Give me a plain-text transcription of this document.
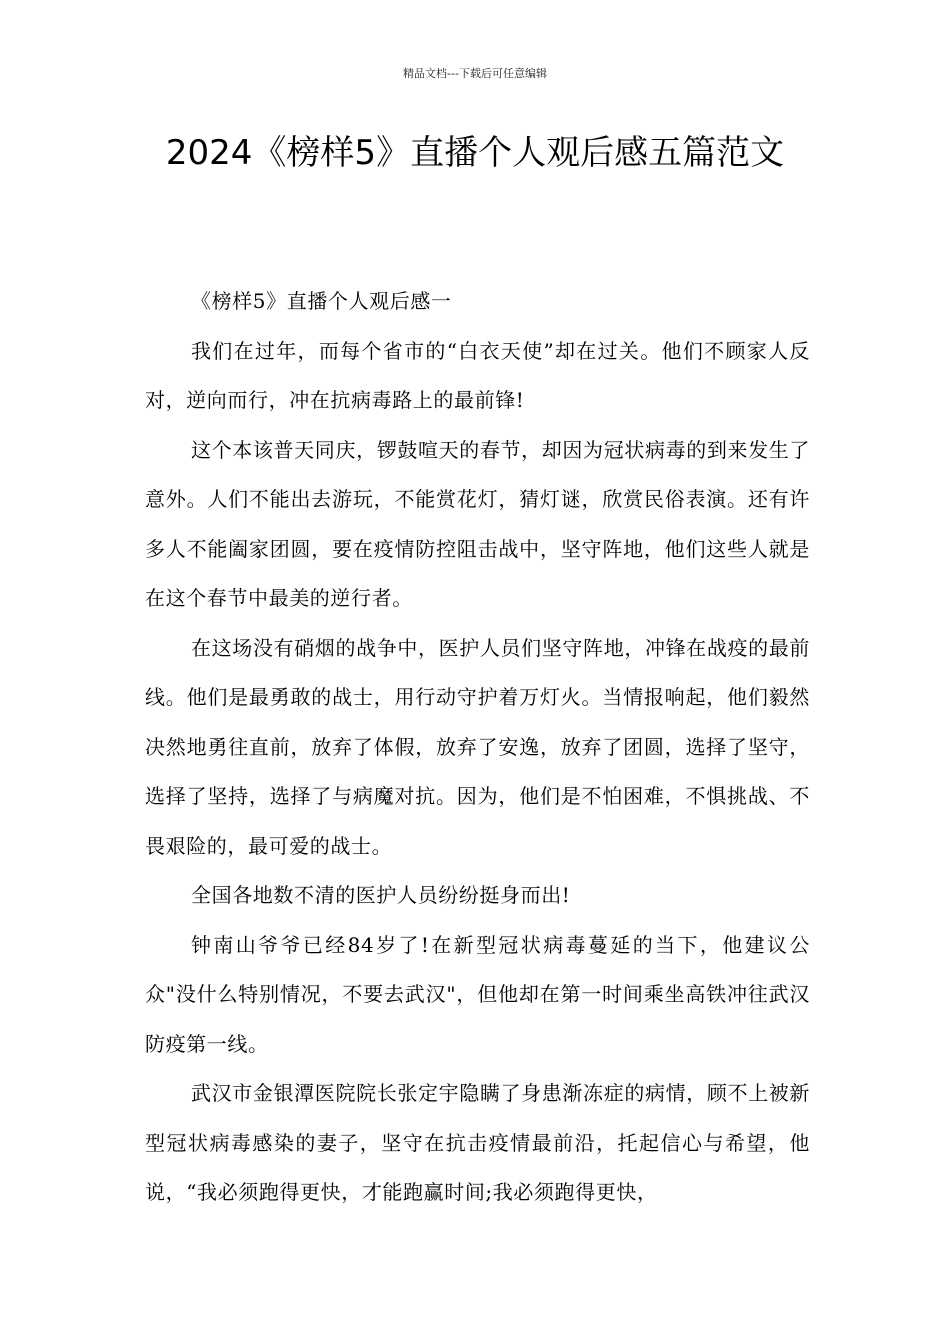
精品文档---下载后可任意编辑
2024《榜样5》直播个人观后感五篇范文

《榜样5》直播个人观后感一

我们在过年，而每个省市的“白衣天使”却在过关。他们不顾家人反对，逆向而行，冲在抗病毒路上的最前锋!

这个本该普天同庆，锣鼓喧天的春节，却因为冠状病毒的到来发生了意外。人们不能出去游玩，不能赏花灯，猜灯谜，欣赏民俗表演。还有许多人不能阖家团圆，要在疫情防控阻击战中，坚守阵地，他们这些人就是在这个春节中最美的逆行者。

在这场没有硝烟的战争中，医护人员们坚守阵地，冲锋在战疫的最前线。他们是最勇敢的战士，用行动守护着万灯火。当情报响起，他们毅然决然地勇往直前，放弃了体假，放弃了安逸，放弃了团圆，选择了坚守，选择了坚持，选择了与病魔对抗。因为，他们是不怕困难，不惧挑战、不畏艰险的，最可爱的战士。

全国各地数不清的医护人员纷纷挺身而出!

钟南山爷爷已经84岁了!在新型冠状病毒蔓延的当下，他建议公众"没什么特别情况，不要去武汉"，但他却在第一时间乘坐高铁冲往武汉防疫第一线。

武汉市金银潭医院院长张定宇隐瞒了身患渐冻症的病情，顾不上被新型冠状病毒感染的妻子，坚守在抗击疫情最前沿，托起信心与希望，他说，“我必须跑得更快，才能跑赢时间;我必须跑得更快，
